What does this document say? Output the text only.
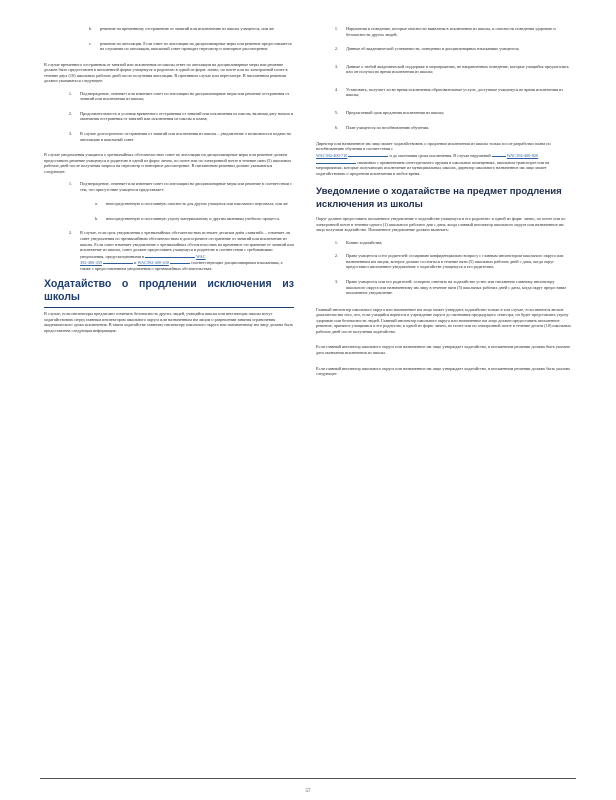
b.	решение по временному отстранению от занятий или исключению из школы учащегося, или же
c.	решение по апелляции. Если ответ по апелляции на дисциплинарные меры или решение предоставляется на слушании по апелляции, школьный совет проводит пересмотр и повторное рассмотрение.

В случае временного отстранения от занятий или исключения из школы ответ по апелляции на дисциплинарные меры или решение должен быть предоставлен в письменной форме учащемуся и родителю в одной из форм: лично, по почте или по электронной почте в течение двух (10) школьных рабочих дней после получения апелляции. В противном случае или пересмотре. В письменном решении должно указываться следующее:

1.	Подтверждение, отменяет или изменяет совет по апелляции на дисциплинарные меры или решение отстранения от занятий или исключения из школы;
2.	Продолжительность и условия временного отстранения от занятий или исключения из школы, включая дату начала и окончания отстранения от занятий или исключения из школы и плана;
3.	В случае долгосрочного отстранения от занятий или исключения из школы – уведомление о возможности подачи на апелляцию в школьный совет.

В случае уведомления учащихся о чрезвычайных обстоятельствах совет по апелляции на дисциплинарные меры или решение должен предоставить решение учащемуся и родителю в одной из форм: лично, по почте или по электронной почте в течение пяти (5) школьных рабочих дней после получения запроса на пересмотр и повторное рассмотрение. В письменном решении должно указываться следующее:

1.	Подтверждение, отменяет или изменяет совет по апелляции на дисциплинарные меры или решение в соответствии с тем, что присутствие учащегося представляет:
a.	непосредственную и постоянную опасность для других учащихся или школьного персонала, или же
b.	непосредственную и постоянную угрозу материальному и другим явлениям учебного процесса.
2.	В случае, если срок уведомления о чрезвычайных обстоятельствах истекает десятым днём «занятий» – отменяет ли совет уведомления по чрезвычайным обстоятельствам в долгосрочное отстранение от занятий или исключение из школы. Если совет изменяет уведомление о чрезвычайных обстоятельствах на временное отстранение от занятий или исключение из школы, совет должен предоставить учащемуся и родителю в соответствии с требованиями уведомления, предусмотренными в	WAC
392-400-435	и WAC392-400-430	соответствующих дисциплинарным взысканиям, а также с предоставлением уведомления о чрезвычайных обстоятельствах.
Ходатайство о продлении исключения из школы

В случае, если инспекторы предлагают отменить безопасность других людей, учащийся школы или инспекторы школы могут ходатайствовать перед главным инспектором школьного округа или назначенным им лицом о разрешении занятия ограничения академического срока исключения. В таком ходатайстве главному инспектору школьного округа или назначенному им лицу должна быть предоставлена следующая информация:

1.	Нарушения и поведение, которые опасности выявлены в исключении из школы, и опасности поведения здоровью и безопасности других людей;
2.	Данные об академической успеваемости, поведении и дисциплинарных взысканиях учащегося;
3.	Данные о любой академической поддержке и мероприятиях, не направленных поведение, которые учащийся предлагались или он получал во время исключения из школы;
4.	Установить, получает ли во время исключения образовательные услуги, доступные учащемуся во время исключения из школы;
5.	Предлагаемый срок продления исключения из школы;
6.	План учащегося по возобновлению обучения.

Директор или назначенное им лицо может ходатайствовать о продлении исключения из школы только после разработки плана по возобновлению обучения в соответствии с
WAC392-400-710	и до окончания срока исключения. В случае нарушений	WAC392-400-820  связанных с применением огнестрельного оружия в школьных помещениях, школьном транспорте или на мероприятиях, которые получающих исключение из муниципальных школах, директор школьного назначенное им лицо может ходатайствовать о продлении исключения в любое время.

Уведомление о ходатайстве на предмет продления исключения из школы

Округ должен предоставить письменное уведомление о ходатайстве учащемуся и его родителю: в одной из форм: лично, по почте или по электронной почте в течение одного (1) школьного рабочего дня с даты, когда главный инспектор школьного округа или назначенное им лицо получили ходатайство. Письменное уведомление должно включать:

1.	Копию ходатайства;
2.	Право учащегося и его родителей: оспариваю конфиденциально вопросу с главным инспектором школьного округа или назначенным им лицом, которое должно состояться в течение пяти (5) школьных рабочих дней с даты, когда округ предоставил письменное уведомление о ходатайстве учащемуся и его родителям;
3.	Право учащегося или его родителей: оспорить ответить на ходатайство устно или письменно главному инспектору школьного округа или назначенному им лицу в течение пяти (5) школьных рабочих дней с даты, когда округ предоставил письменное уведомление.

Главный инспектор школьного округа или назначенное им лицо может утвердить ходатайство только в том случае, если имеются веские доказательства того, что, если учащийся вернется в учреждение округа до окончания предыдущего семестра, он будет представлять угрозу здоровью или безопасности людей. Главный инспектор школьного округа или назначенное им лицо должен предоставить письменное решение, принятое учащимися и его родителю, в одной из форм: лично, по почте или по электронной почте в течение десяти (10) школьных рабочих дней после получения ходатайства.

Если главный инспектор школьного округа или назначенное им лицо утверждает ходатайство, в письменном решении должна быть указана дата окончания исключения из школы.

Если главный инспектор школьного округа или назначенное им лицо утверждает ходатайство, в письменном решении должно быть указано следующее:

57
